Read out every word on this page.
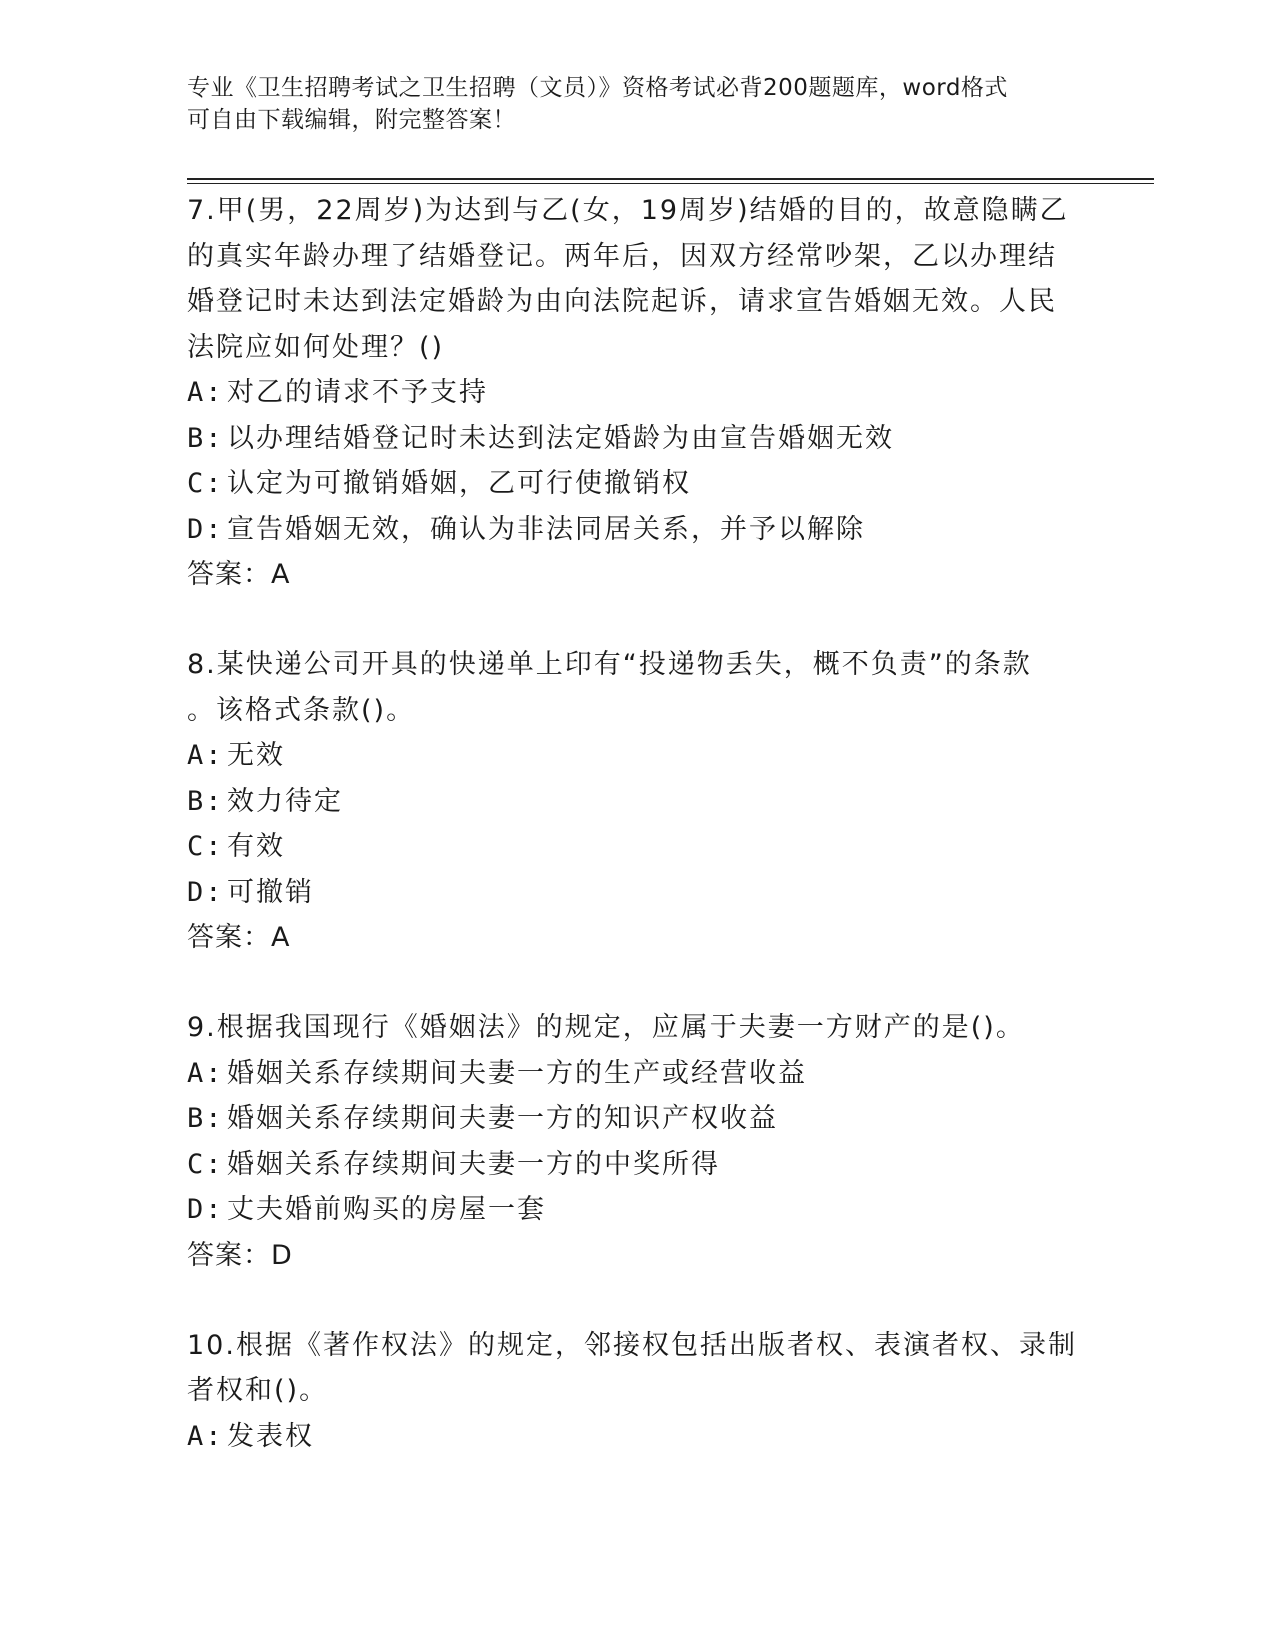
专业《卫生招聘考试之卫生招聘（文员）》资格考试必背200题题库，word格式
可自由下载编辑，附完整答案！
7.甲(男，22周岁)为达到与乙(女，19周岁)结婚的目的，故意隐瞒乙
的真实年龄办理了结婚登记。两年后，因双方经常吵架，乙以办理结
婚登记时未达到法定婚龄为由向法院起诉，请求宣告婚姻无效。人民
法院应如何处理？()
A: 对乙的请求不予支持
B: 以办理结婚登记时未达到法定婚龄为由宣告婚姻无效
C: 认定为可撤销婚姻，乙可行使撤销权
D: 宣告婚姻无效，确认为非法同居关系，并予以解除
答案：A
8.某快递公司开具的快递单上印有“投递物丢失，概不负责”的条款
。该格式条款()。
A: 无效
B: 效力待定
C: 有效
D: 可撤销
答案：A
9.根据我国现行《婚姻法》的规定，应属于夫妻一方财产的是()。
A: 婚姻关系存续期间夫妻一方的生产或经营收益
B: 婚姻关系存续期间夫妻一方的知识产权收益
C: 婚姻关系存续期间夫妻一方的中奖所得
D: 丈夫婚前购买的房屋一套
答案：D
10.根据《著作权法》的规定，邻接权包括出版者权、表演者权、录制
者权和()。
A: 发表权
